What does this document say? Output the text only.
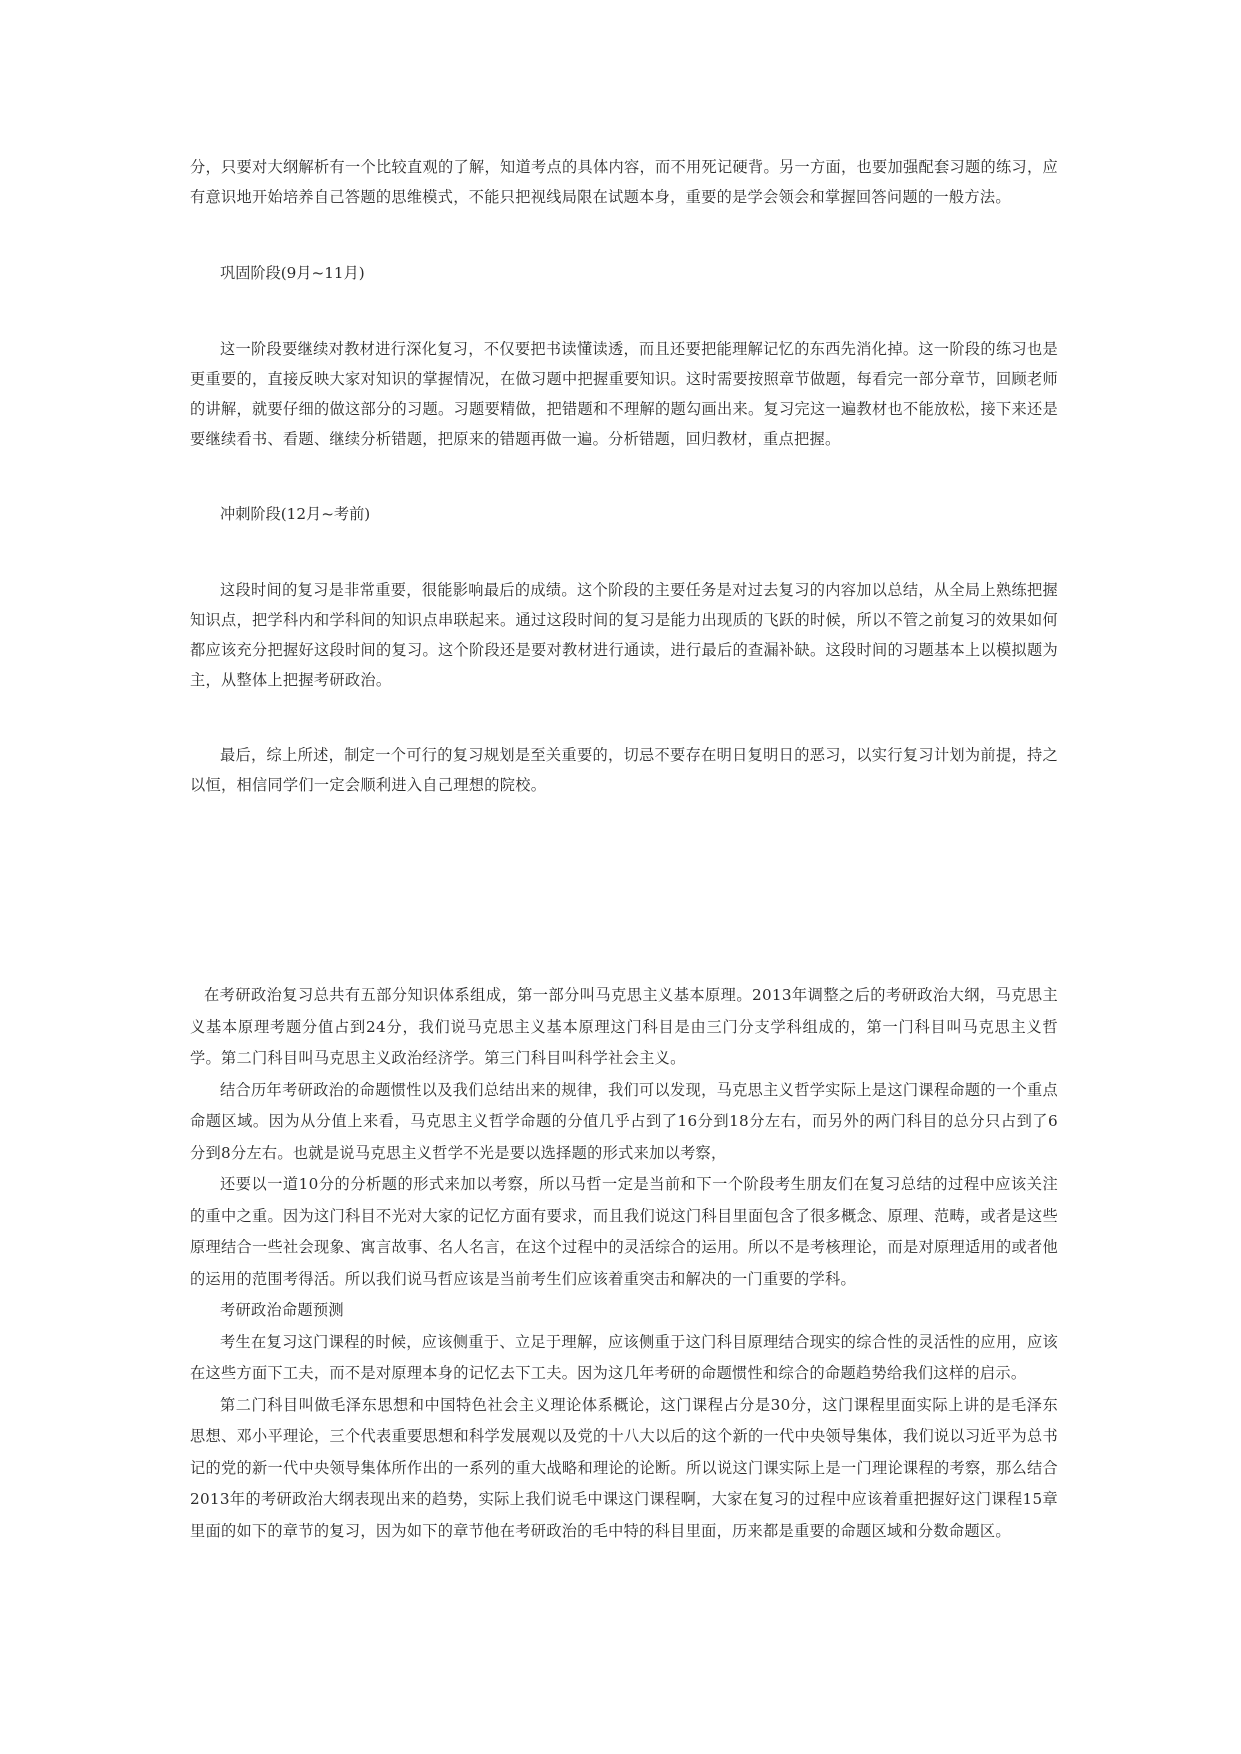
分，只要对大纲解析有一个比较直观的了解，知道考点的具体内容，而不用死记硬背。另一方面，也要加强配套习题的练习，应有意识地开始培养自己答题的思维模式，不能只把视线局限在试题本身，重要的是学会领会和掌握回答问题的一般方法。

巩固阶段(9月~11月)

这一阶段要继续对教材进行深化复习，不仅要把书读懂读透，而且还要把能理解记忆的东西先消化掉。这一阶段的练习也是更重要的，直接反映大家对知识的掌握情况，在做习题中把握重要知识。这时需要按照章节做题，每看完一部分章节，回顾老师的讲解，就要仔细的做这部分的习题。习题要精做，把错题和不理解的题勾画出来。复习完这一遍教材也不能放松，接下来还是要继续看书、看题、继续分析错题，把原来的错题再做一遍。分析错题，回归教材，重点把握。

冲刺阶段(12月~考前)

这段时间的复习是非常重要，很能影响最后的成绩。这个阶段的主要任务是对过去复习的内容加以总结，从全局上熟练把握知识点，把学科内和学科间的知识点串联起来。通过这段时间的复习是能力出现质的飞跃的时候，所以不管之前复习的效果如何都应该充分把握好这段时间的复习。这个阶段还是要对教材进行通读，进行最后的查漏补缺。这段时间的习题基本上以模拟题为主，从整体上把握考研政治。

最后，综上所述，制定一个可行的复习规划是至关重要的，切忌不要存在明日复明日的恶习，以实行复习计划为前提，持之以恒，相信同学们一定会顺利进入自己理想的院校。

在考研政治复习总共有五部分知识体系组成，第一部分叫马克思主义基本原理。2013年调整之后的考研政治大纲，马克思主义基本原理考题分值占到24分，我们说马克思主义基本原理这门科目是由三门分支学科组成的，第一门科目叫马克思主义哲学。第二门科目叫马克思主义政治经济学。第三门科目叫科学社会主义。

结合历年考研政治的命题惯性以及我们总结出来的规律，我们可以发现，马克思主义哲学实际上是这门课程命题的一个重点命题区域。因为从分值上来看，马克思主义哲学命题的分值几乎占到了16分到18分左右，而另外的两门科目的总分只占到了6分到8分左右。也就是说马克思主义哲学不光是要以选择题的形式来加以考察，

还要以一道10分的分析题的形式来加以考察，所以马哲一定是当前和下一个阶段考生朋友们在复习总结的过程中应该关注的重中之重。因为这门科目不光对大家的记忆方面有要求，而且我们说这门科目里面包含了很多概念、原理、范畴，或者是这些原理结合一些社会现象、寓言故事、名人名言，在这个过程中的灵活综合的运用。所以不是考核理论，而是对原理适用的或者他的运用的范围考得活。所以我们说马哲应该是当前考生们应该着重突击和解决的一门重要的学科。

考研政治命题预测

考生在复习这门课程的时候，应该侧重于、立足于理解，应该侧重于这门科目原理结合现实的综合性的灵活性的应用，应该在这些方面下工夫，而不是对原理本身的记忆去下工夫。因为这几年考研的命题惯性和综合的命题趋势给我们这样的启示。

第二门科目叫做毛泽东思想和中国特色社会主义理论体系概论，这门课程占分是30分，这门课程里面实际上讲的是毛泽东思想、邓小平理论，三个代表重要思想和科学发展观以及党的十八大以后的这个新的一代中央领导集体，我们说以习近平为总书记的党的新一代中央领导集体所作出的一系列的重大战略和理论的论断。所以说这门课实际上是一门理论课程的考察，那么结合2013年的考研政治大纲表现出来的趋势，实际上我们说毛中课这门课程啊，大家在复习的过程中应该着重把握好这门课程15章里面的如下的章节的复习，因为如下的章节他在考研政治的毛中特的科目里面，历来都是重要的命题区域和分数命题区。
